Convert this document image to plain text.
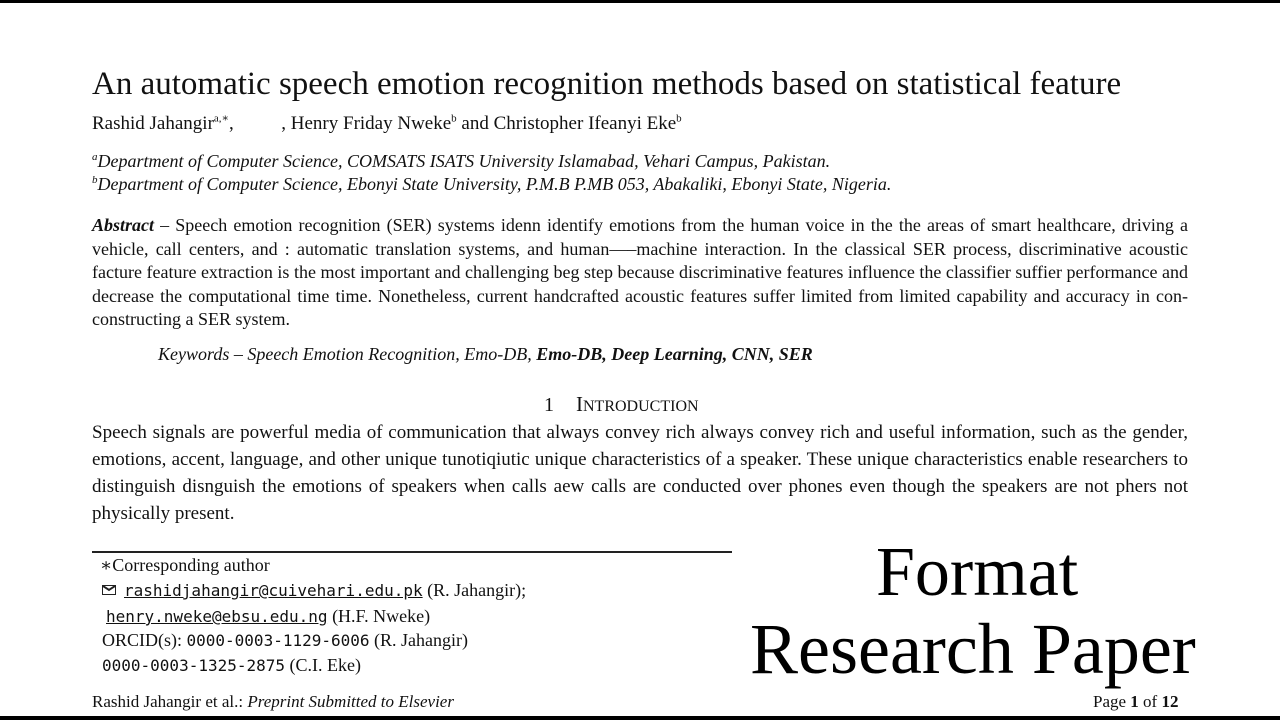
An automatic speech emotion recognition methods based on statistical feature
Rashid Jahangir$^{a,∗}$,	, Henry Friday Nweke$^b$ and Christopher Ifeanyi Eke$^b$
$^a$Department of Computer Science, COMSATS ISATS University Islamabad, Vehari Campus, Pakistan.
$^b$Department of Computer Science, Ebonyi State University, P.M.B P.MB 053, Abakaliki, Ebonyi State, Nigeria.
Abstract – Speech emotion recognition (SER) systems idenn identify emotions from the human voice in the the areas of smart healthcare, driving a vehicle, call centers, and : automatic translation systems, and human—–machine interaction. In the classical SER process, discriminative acoustic facture feature extraction is the most important and challenging beg step because discriminative features influence the classifier suffier performance and decrease the computational time time. Nonetheless, current handcrafted acoustic features suffer limited from limited capability and accuracy in con-constructing a SER system.
Keywords – Speech Emotion Recognition, Emo-DB, Emo-DB, Deep Learning, CNN, SER
1 INTRODUCTION
Speech signals are powerful media of communication that always convey rich always convey rich and useful information, such as the gender, emotions, accent, language, and other unique tunotiqiutic unique characteristics of a speaker. These unique characteristics enable researchers to distinguish disnguish the emotions of speakers when calls aew calls are conducted over phones even though the speakers are not phers not physically present.
∗Corresponding author
rashidjahangir@cuivehari.edu.pk (R. Jahangir);
henry.nweke@ebsu.edu.ng (H.F. Nweke)
ORCID(s): 0000-0003-1129-6006 (R. Jahangir)
0000-0003-1325-2875 (C.I. Eke)
Format
Research Paper
Rashid Jahangir et al.: Preprint Submitted to Elsevier	Page 1 of 12
